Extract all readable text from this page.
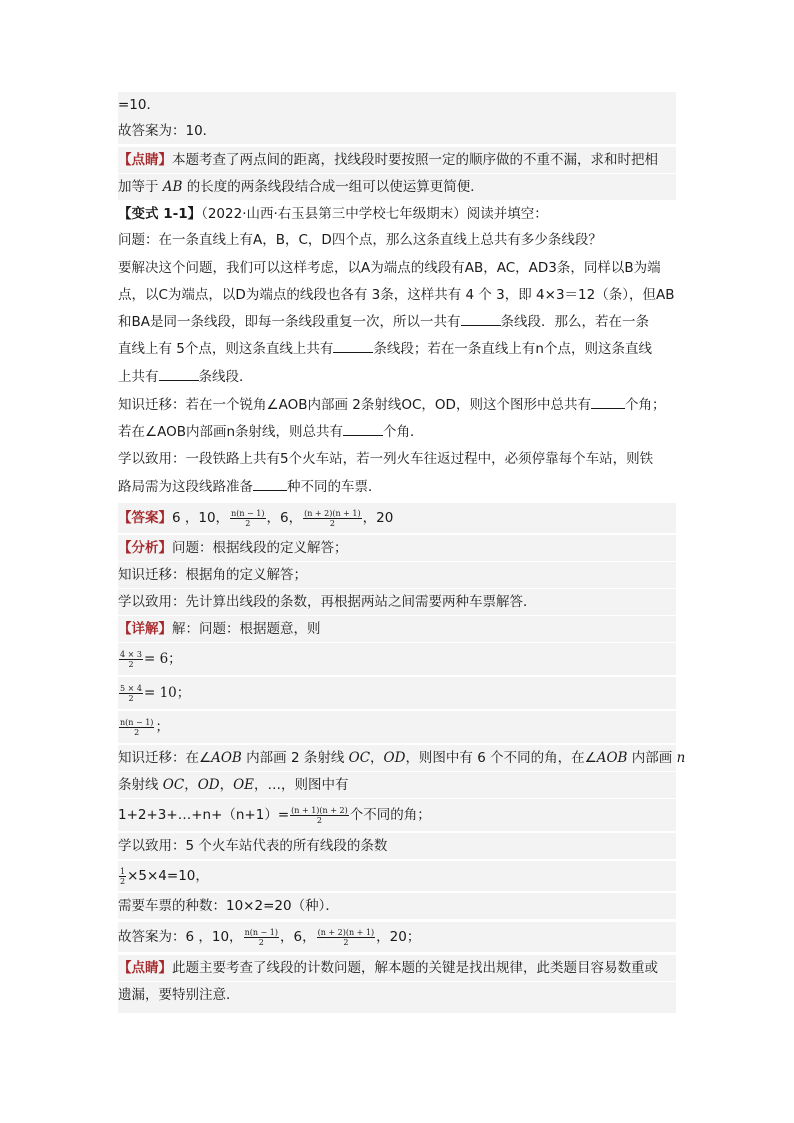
=10．
故答案为：10．
【点睛】本题考查了两点间的距离，找线段时要按照一定的顺序做的不重不漏，求和时把相
加等于 AB 的长度的两条线段结合成一组可以使运算更简便．
【变式 1-1】（2022·山西·右玉县第三中学校七年级期末）阅读并填空：
问题：在一条直线上有A，B，C，D四个点，那么这条直线上总共有多少条线段？
要解决这个问题，我们可以这样考虑，以A为端点的线段有AB，AC，AD3条，同样以B为端
点，以C为端点，以D为端点的线段也各有 3条，这样共有 4 个 3，即 4×3＝12（条），但AB
和BA是同一条线段，即每一条线段重复一次，所以一共有	条线段．那么，若在一条
直线上有 5个点，则这条直线上共有	条线段；若在一条直线上有n个点，则这条直线
上共有	条线段．
知识迁移：若在一个锐角∠AOB内部画 2条射线OC，OD，则这个图形中总共有	个角；
若在∠AOB内部画n条射线，则总共有	个角．
学以致用：一段铁路上共有5个火车站，若一列火车往返过程中，必须停靠每个车站，则铁
路局需为这段线路准备	种不同的车票．
【答案】6 ，10， $\frac{n(n - 1)}{2}$ ，6， $\frac{(n + 2)(n + 1)}{2}$ ，20
【分析】问题：根据线段的定义解答；
知识迁移：根据角的定义解答；
学以致用：先计算出线段的条数，再根据两站之间需要两种车票解答．
【详解】解：问题：根据题意，则
$\frac{4 \times 3}{2} = 6$；
$\frac{5 \times 4}{2} = 10$；
$\frac{n(n - 1)}{2}$ ；
知识迁移：在∠AOB 内部画 2 条射线 OC，OD，则图中有 6 个不同的角，在∠AOB 内部画 n
条射线 OC，OD，OE，…，则图中有
1+2+3+…+n+（n+1）= $\frac{(n + 1)(n + 2)}{2}$ 个不同的角；
学以致用：5 个火车站代表的所有线段的条数
$\frac{1}{2} \times 5\times 4=10$，
需要车票的种数：10×2=20（种）．
故答案为：6 ，10， $\frac{n(n - 1)}{2}$ ，6， $\frac{(n + 2)(n + 1)}{2}$ ，20；
【点睛】此题主要考查了线段的计数问题，解本题的关键是找出规律，此类题目容易数重或
遗漏，要特别注意．
